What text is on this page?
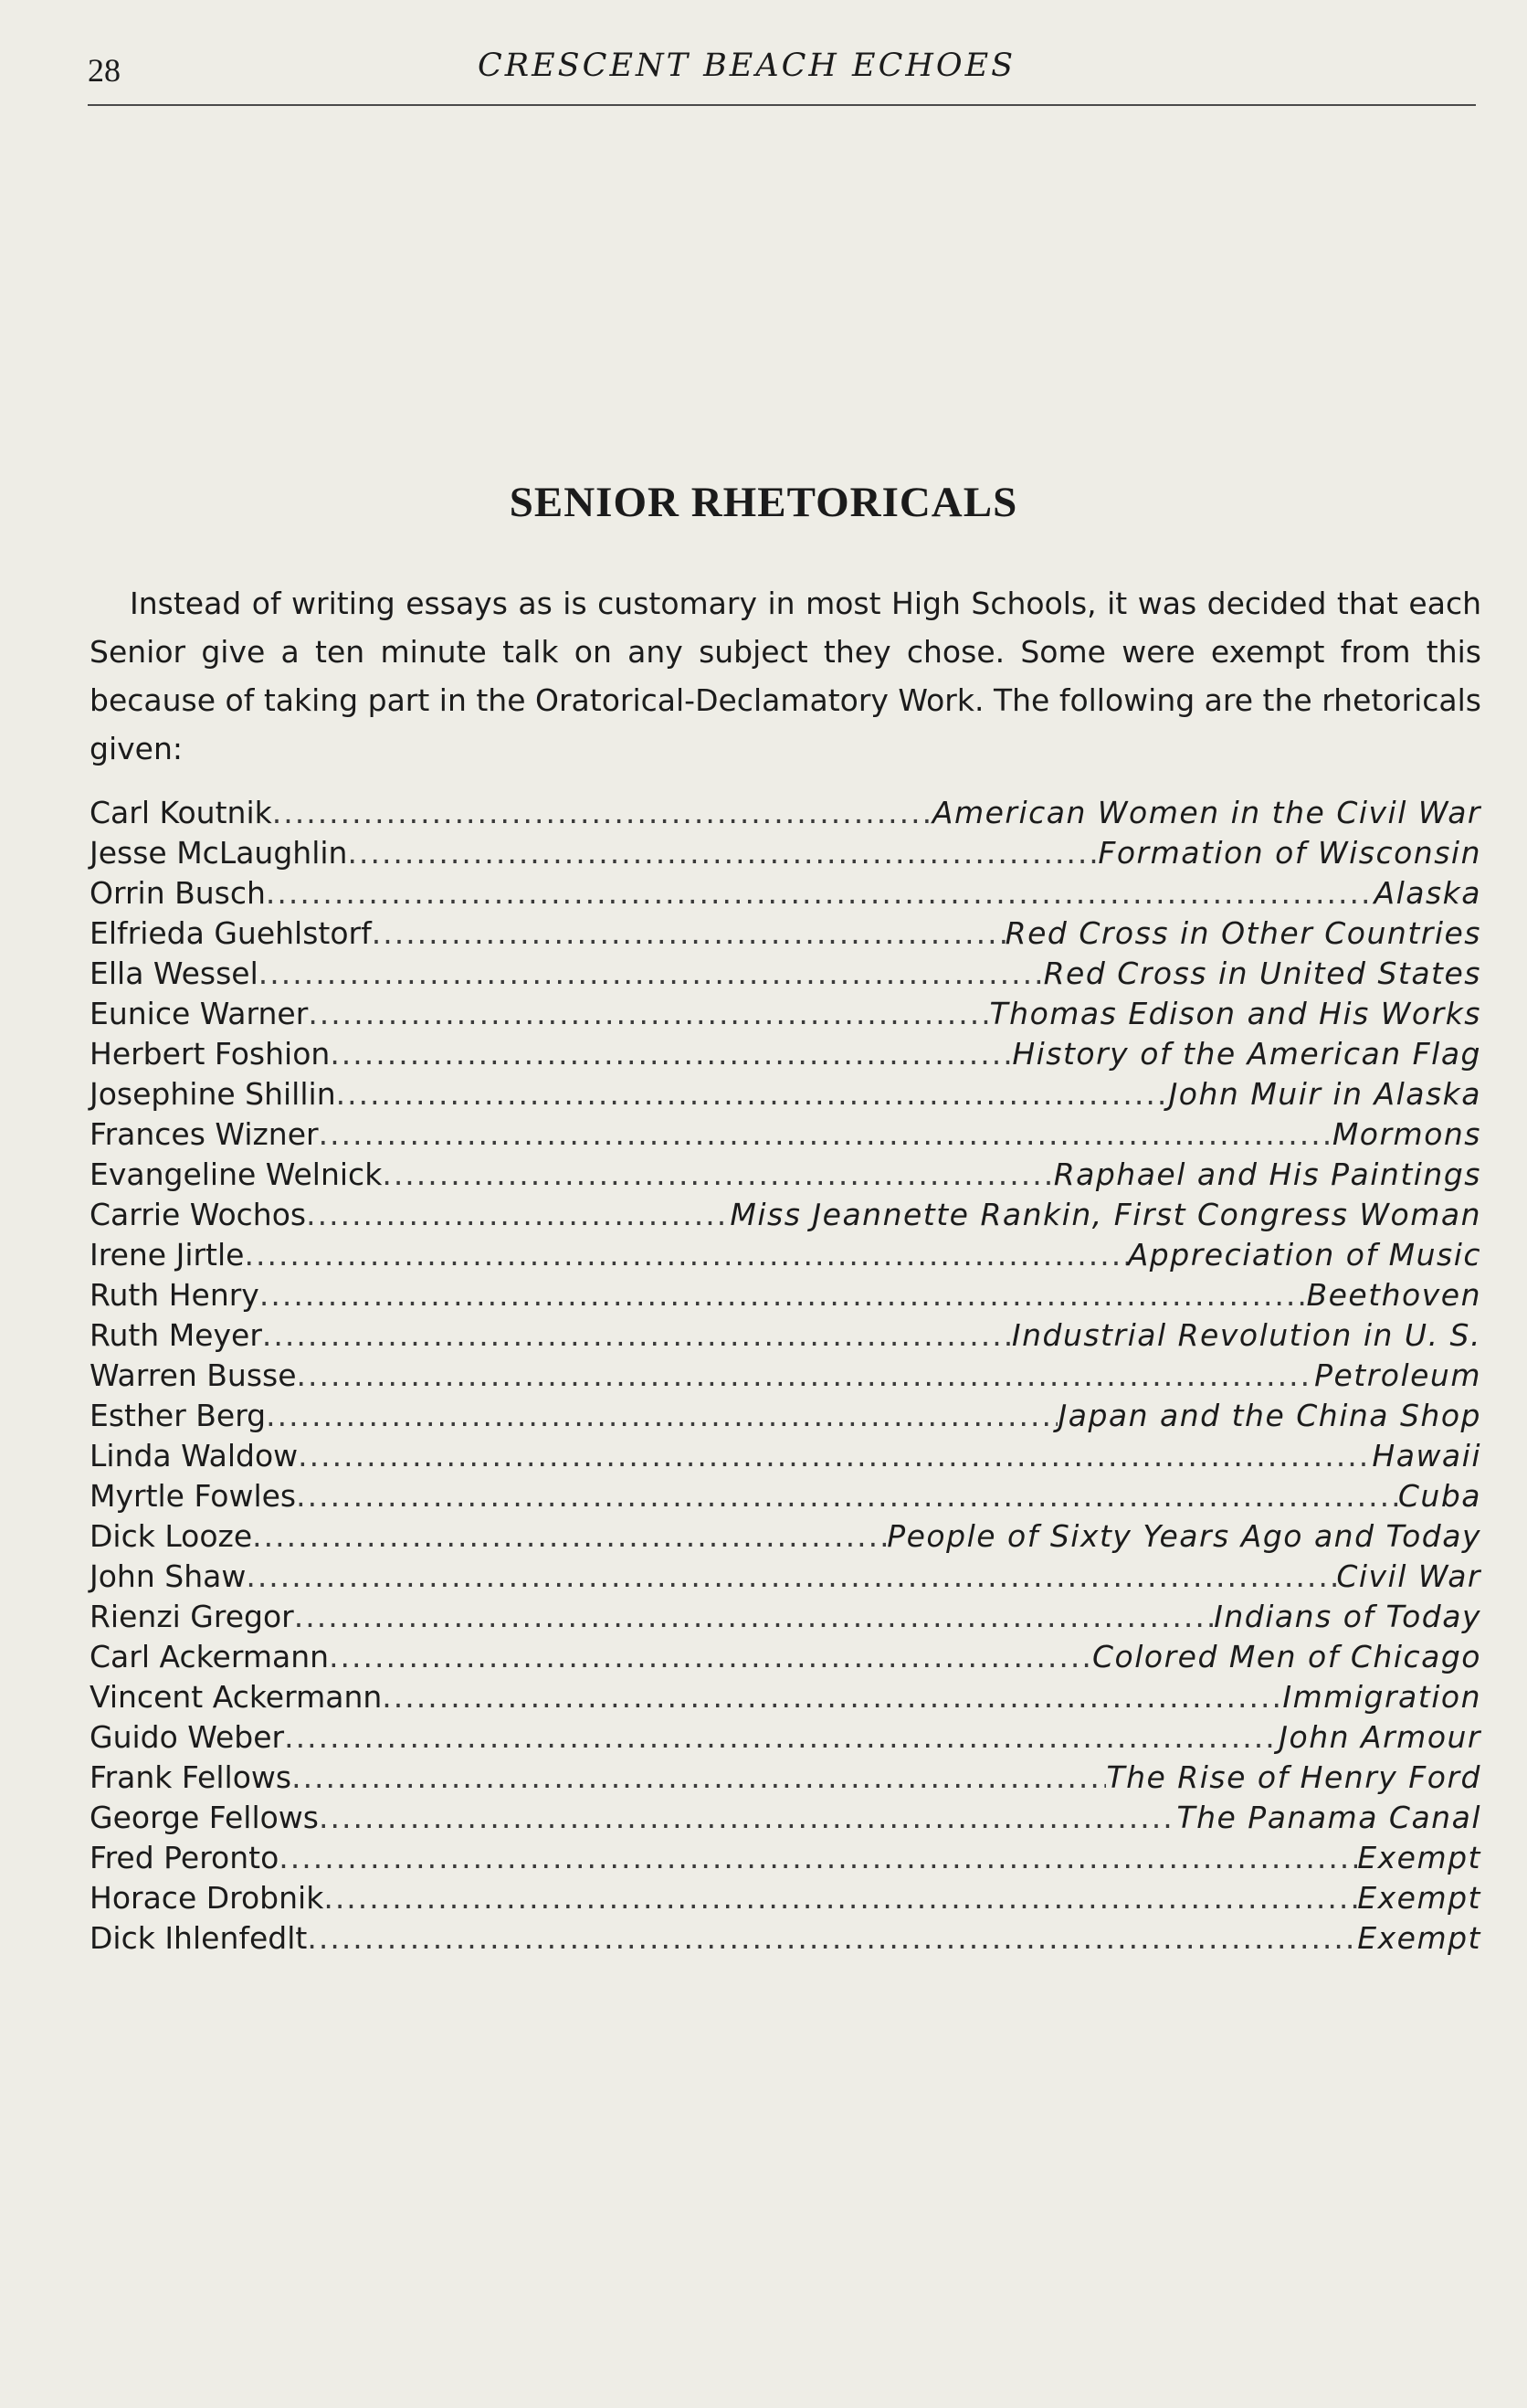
28	CRESCENT BEACH ECHOES
SENIOR RHETORICALS

Instead of writing essays as is customary in most High Schools, it was decided that each Senior give a ten minute talk on any subject they chose. Some were exempt from this because of taking part in the Oratorical-Declamatory Work. The following are the rhetoricals given:

Carl Koutnik .....	American Women in the Civil War
Jesse McLaughlin .....	Formation of Wisconsin
Orrin Busch .....	Alaska
Elfrieda Guehlstorf .....	Red Cross in Other Countries
Ella Wessel .....	Red Cross in United States
Eunice Warner .....	Thomas Edison and His Works
Herbert Foshion .....	History of the American Flag
Josephine Shillin .....	John Muir in Alaska
Frances Wizner .....	Mormons
Evangeline Welnick .....	Raphael and His Paintings
Carrie Wochos .....	Miss Jeannette Rankin, First Congress Woman
Irene Jirtle .....	Appreciation of Music
Ruth Henry .....	Beethoven
Ruth Meyer .....	Industrial Revolution in U. S.
Warren Busse .....	Petroleum
Esther Berg .....	Japan and the China Shop
Linda Waldow .....	Hawaii
Myrtle Fowles .....	Cuba
Dick Looze .....	People of Sixty Years Ago and Today
John Shaw .....	Civil War
Rienzi Gregor .....	Indians of Today
Carl Ackermann .....	Colored Men of Chicago
Vincent Ackermann .....	Immigration
Guido Weber .....	John Armour
Frank Fellows .....	The Rise of Henry Ford
George Fellows .....	The Panama Canal
Fred Peronto .....	Exempt
Horace Drobnik .....	Exempt
Dick Ihlenfedlt .....	Exempt
